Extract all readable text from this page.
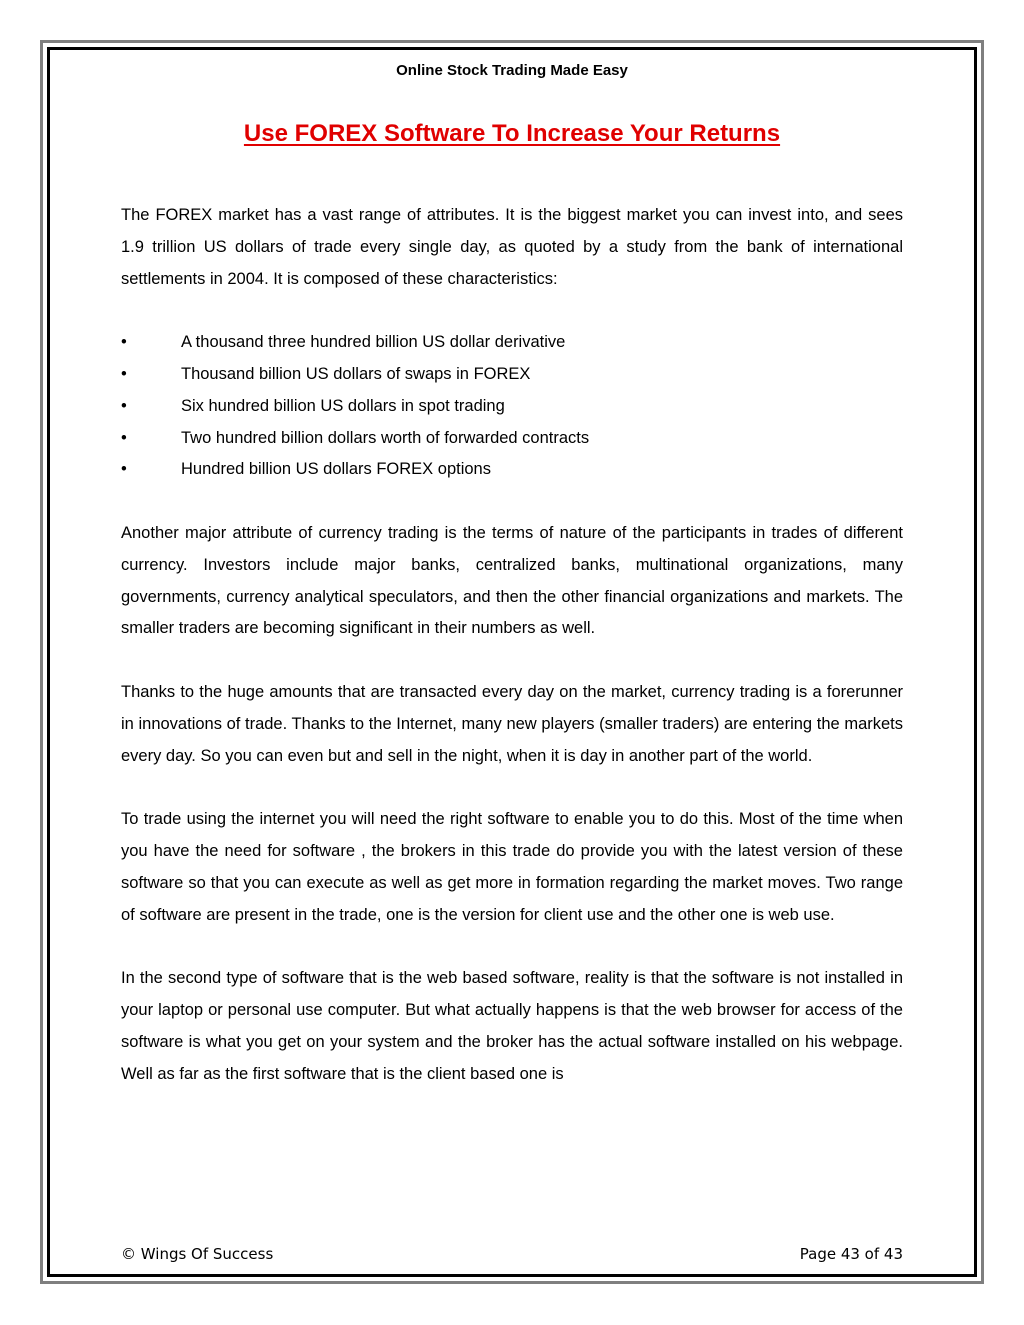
Online Stock Trading Made Easy
Use FOREX Software To Increase Your Returns

The FOREX market has a vast range of attributes. It is the biggest market you can invest into, and sees 1.9 trillion US dollars of trade every single day, as quoted by a study from the bank of international settlements in 2004. It is composed of these characteristics:

•	A thousand three hundred billion US dollar derivative
•	Thousand billion US dollars of swaps in FOREX
•	Six hundred billion US dollars in spot trading
•	Two hundred billion dollars worth of forwarded contracts
•	Hundred billion US dollars FOREX options

Another major attribute of currency trading is the terms of nature of the participants in trades of different currency. Investors include major banks, centralized banks, multinational organizations, many governments, currency analytical speculators, and then the other financial organizations and markets. The smaller traders are becoming significant in their numbers as well.

Thanks to the huge amounts that are transacted every day on the market, currency trading is a forerunner in innovations of trade. Thanks to the Internet, many new players (smaller traders) are entering the markets every day. So you can even but and sell in the night, when it is day in another part of the world.

To trade using the internet you will need the right software to enable you to do this. Most of the time when you have the need for software , the brokers in this trade do provide you with the latest version of these software so that you can execute as well as get more in formation regarding the market moves. Two range of software are present in the trade, one is the version for client use and the other one is web use.

In the second type of software that is the web based software, reality is that the software is not installed in your laptop or personal use computer. But what actually happens is that the web browser for access of the software is what you get on your system and the broker has the actual software installed on his webpage. Well as far as the first software that is the client based one is

© Wings Of Success	Page 43 of 43
